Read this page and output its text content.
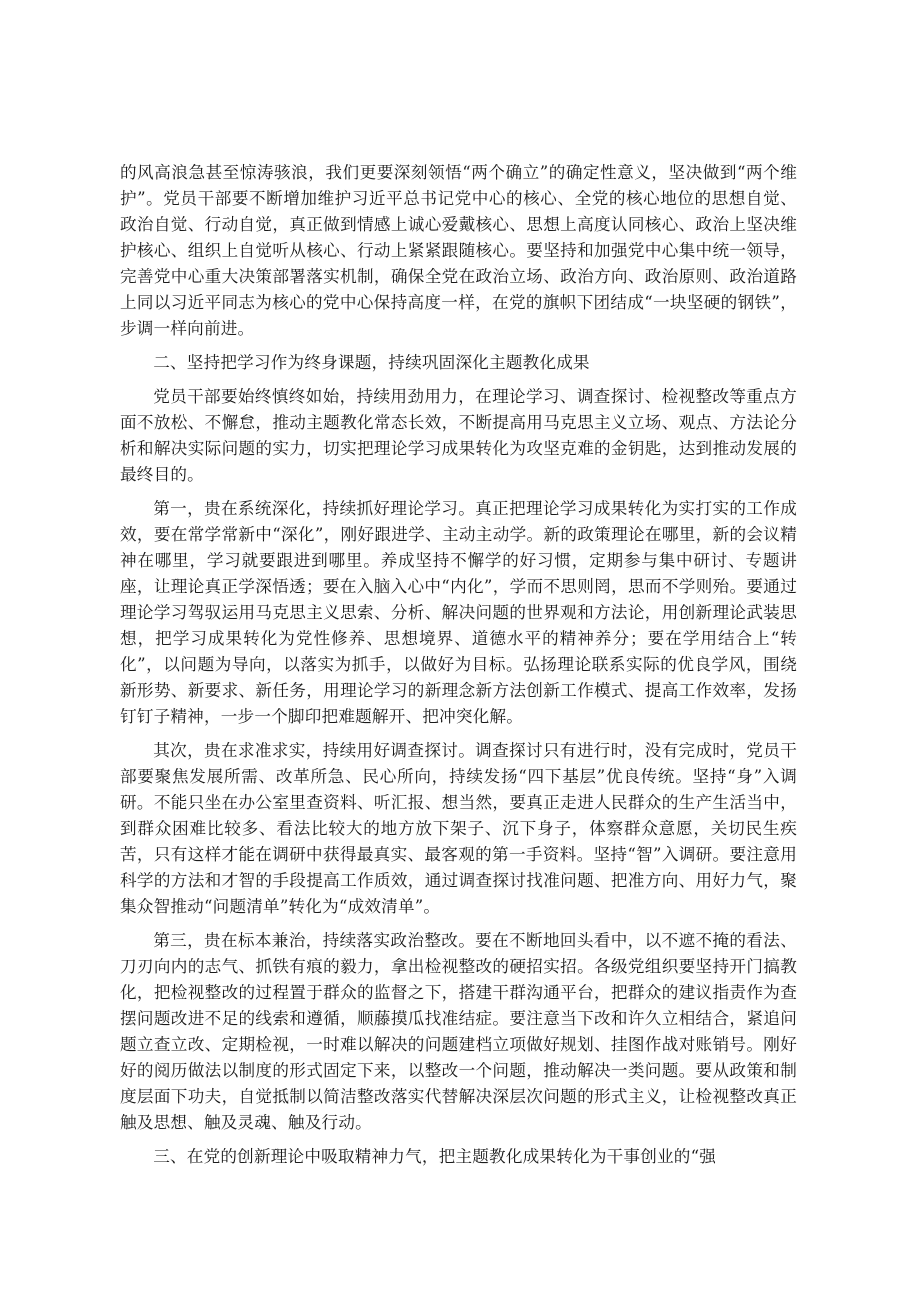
的风高浪急甚至惊涛骇浪，我们更要深刻领悟“两个确立”的确定性意义，坚决做到“两个维护”。党员干部要不断增加维护习近平总书记党中心的核心、全党的核心地位的思想自觉、政治自觉、行动自觉，真正做到情感上诚心爱戴核心、思想上高度认同核心、政治上坚决维护核心、组织上自觉听从核心、行动上紧紧跟随核心。要坚持和加强党中心集中统一领导，完善党中心重大决策部署落实机制，确保全党在政治立场、政治方向、政治原则、政治道路上同以习近平同志为核心的党中心保持高度一样，在党的旗帜下团结成“一块坚硬的钢铁”，步调一样向前进。

二、坚持把学习作为终身课题，持续巩固深化主题教化成果

党员干部要始终慎终如始，持续用劲用力，在理论学习、调查探讨、检视整改等重点方面不放松、不懈怠，推动主题教化常态长效，不断提高用马克思主义立场、观点、方法论分析和解决实际问题的实力，切实把理论学习成果转化为攻坚克难的金钥匙，达到推动发展的最终目的。

第一，贵在系统深化，持续抓好理论学习。真正把理论学习成果转化为实打实的工作成效，要在常学常新中“深化”，刚好跟进学、主动主动学。新的政策理论在哪里，新的会议精神在哪里，学习就要跟进到哪里。养成坚持不懈学的好习惯，定期参与集中研讨、专题讲座，让理论真正学深悟透；要在入脑入心中“内化”，学而不思则罔，思而不学则殆。要通过理论学习驾驭运用马克思主义思索、分析、解决问题的世界观和方法论，用创新理论武装思想，把学习成果转化为党性修养、思想境界、道德水平的精神养分；要在学用结合上“转化”，以问题为导向，以落实为抓手，以做好为目标。弘扬理论联系实际的优良学风，围绕新形势、新要求、新任务，用理论学习的新理念新方法创新工作模式、提高工作效率，发扬钉钉子精神，一步一个脚印把难题解开、把冲突化解。

其次，贵在求准求实，持续用好调查探讨。调查探讨只有进行时，没有完成时，党员干部要聚焦发展所需、改革所急、民心所向，持续发扬“四下基层”优良传统。坚持“身”入调研。不能只坐在办公室里查资料、听汇报、想当然，要真正走进人民群众的生产生活当中，到群众困难比较多、看法比较大的地方放下架子、沉下身子，体察群众意愿，关切民生疾苦，只有这样才能在调研中获得最真实、最客观的第一手资料。坚持“智”入调研。要注意用科学的方法和才智的手段提高工作质效，通过调查探讨找准问题、把准方向、用好力气，聚集众智推动“问题清单”转化为“成效清单”。

第三，贵在标本兼治，持续落实政治整改。要在不断地回头看中，以不遮不掩的看法、刀刃向内的志气、抓铁有痕的毅力，拿出检视整改的硬招实招。各级党组织要坚持开门搞教化，把检视整改的过程置于群众的监督之下，搭建干群沟通平台，把群众的建议指责作为查摆问题改进不足的线索和遵循，顺藤摸瓜找准结症。要注意当下改和许久立相结合，紧追问题立查立改、定期检视，一时难以解决的问题建档立项做好规划、挂图作战对账销号。刚好好的阅历做法以制度的形式固定下来，以整改一个问题，推动解决一类问题。要从政策和制度层面下功夫，自觉抵制以简洁整改落实代替解决深层次问题的形式主义，让检视整改真正触及思想、触及灵魂、触及行动。

三、在党的创新理论中吸取精神力气，把主题教化成果转化为干事创业的“强
